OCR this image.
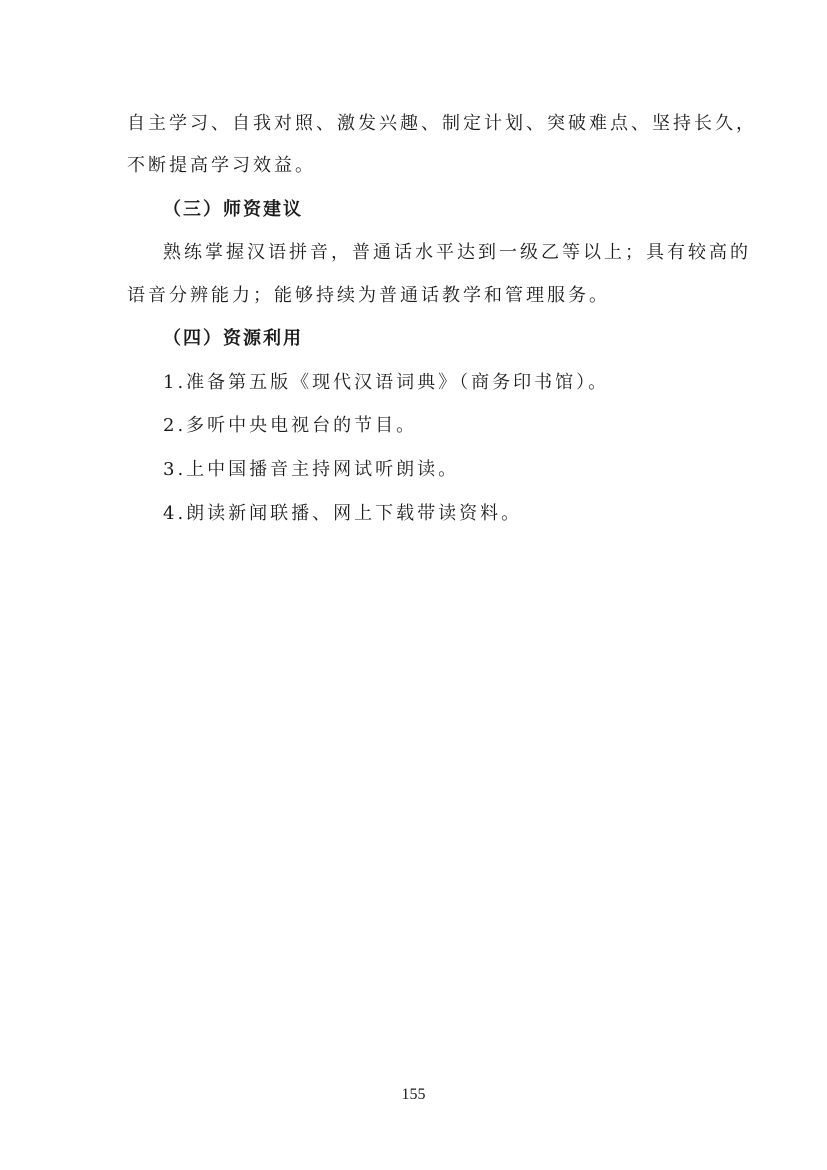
自主学习、自我对照、激发兴趣、制定计划、突破难点、坚持长久，
不断提高学习效益。
（三）师资建议
熟练掌握汉语拼音，普通话水平达到一级乙等以上；具有较高的
语音分辨能力；能够持续为普通话教学和管理服务。
（四）资源利用
1.准备第五版《现代汉语词典》（商务印书馆）。
2.多听中央电视台的节目。
3.上中国播音主持网试听朗读。
4.朗读新闻联播、网上下载带读资料。
155
